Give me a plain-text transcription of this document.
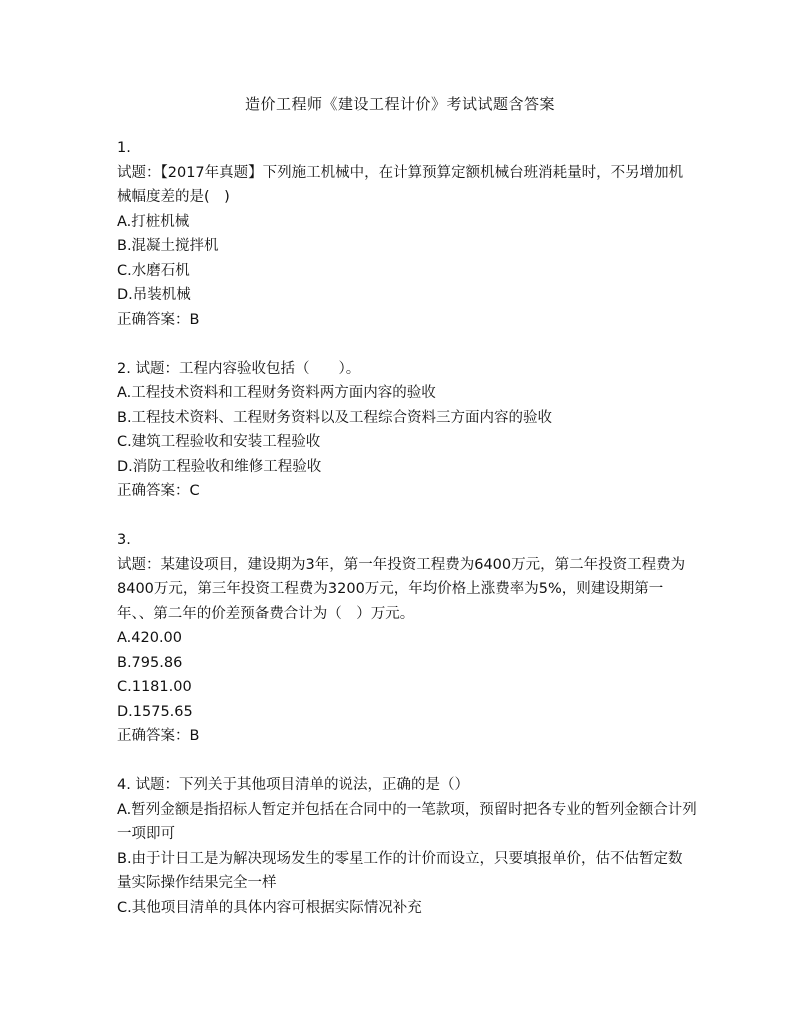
造价工程师《建设工程计价》考试试题含答案
1.
试题：【2017年真题】下列施工机械中，在计算预算定额机械台班消耗量时，不另增加机械幅度差的是(　)
A.打桩机械
B.混凝土搅拌机
C.水磨石机
D.吊装机械
正确答案：B
2. 试题：工程内容验收包括（　　）。
A.工程技术资料和工程财务资料两方面内容的验收
B.工程技术资料、工程财务资料以及工程综合资料三方面内容的验收
C.建筑工程验收和安装工程验收
D.消防工程验收和维修工程验收
正确答案：C
3.
试题：某建设项目，建设期为3年，第一年投资工程费为6400万元，第二年投资工程费为8400万元，第三年投资工程费为3200万元，年均价格上涨费率为5%，则建设期第一年、、第二年的价差预备费合计为（　）万元。
A.420.00
B.795.86
C.1181.00
D.1575.65
正确答案：B
4. 试题：下列关于其他项目清单的说法，正确的是（）
A.暂列金额是指招标人暂定并包括在合同中的一笔款项，预留时把各专业的暂列金额合计列一项即可
B.由于计日工是为解决现场发生的零星工作的计价而设立，只要填报单价，估不估暂定数量实际操作结果完全一样
C.其他项目清单的具体内容可根据实际情况补充
